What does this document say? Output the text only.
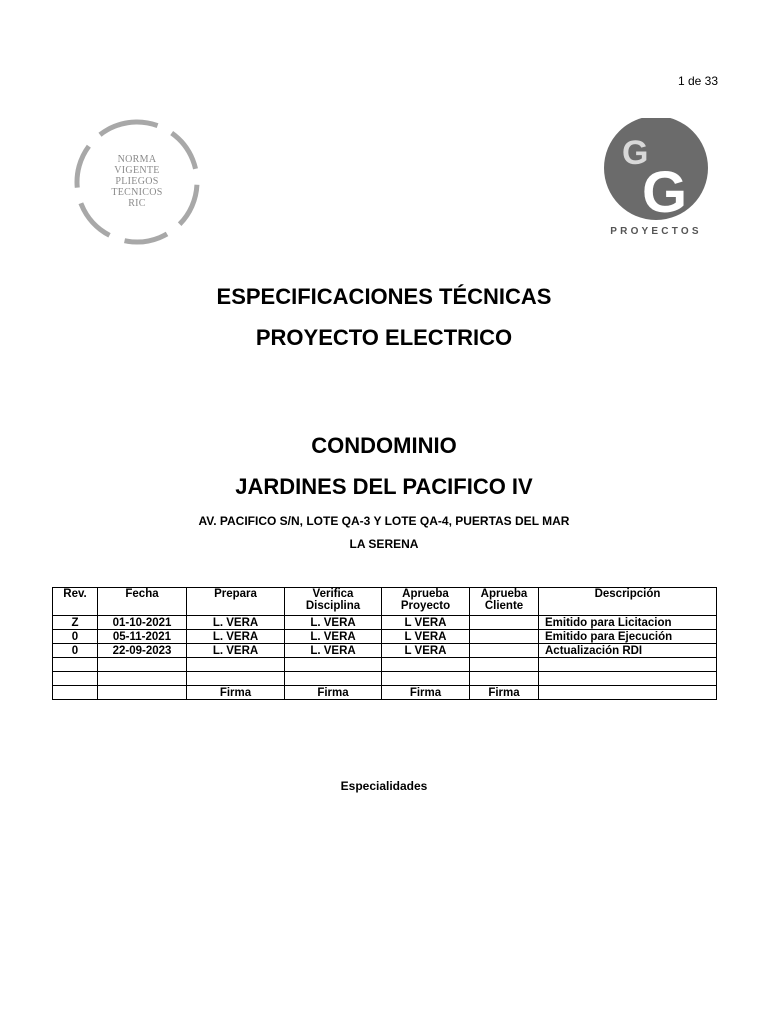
1 de 33
NORMA
VIGENTE
PLIEGOS
TECNICOS
RIC
G
G
PROYECTOS
ESPECIFICACIONES TÉCNICAS
PROYECTO ELECTRICO
CONDOMINIO
JARDINES DEL PACIFICO IV
AV. PACIFICO S/N, LOTE QA-3 Y LOTE QA-4, PUERTAS DEL MAR
LA SERENA
Rev.	Fecha	Prepara	Verifica Disciplina	Aprueba Proyecto	Aprueba Cliente	Descripción
Z	01-10-2021	L. VERA	L. VERA	L VERA		Emitido para Licitacion
0	05-11-2021	L. VERA	L. VERA	L VERA		Emitido para Ejecución
0	22-09-2023	L. VERA	L. VERA	L VERA		Actualización RDI

		Firma	Firma	Firma	Firma	
Especialidades
